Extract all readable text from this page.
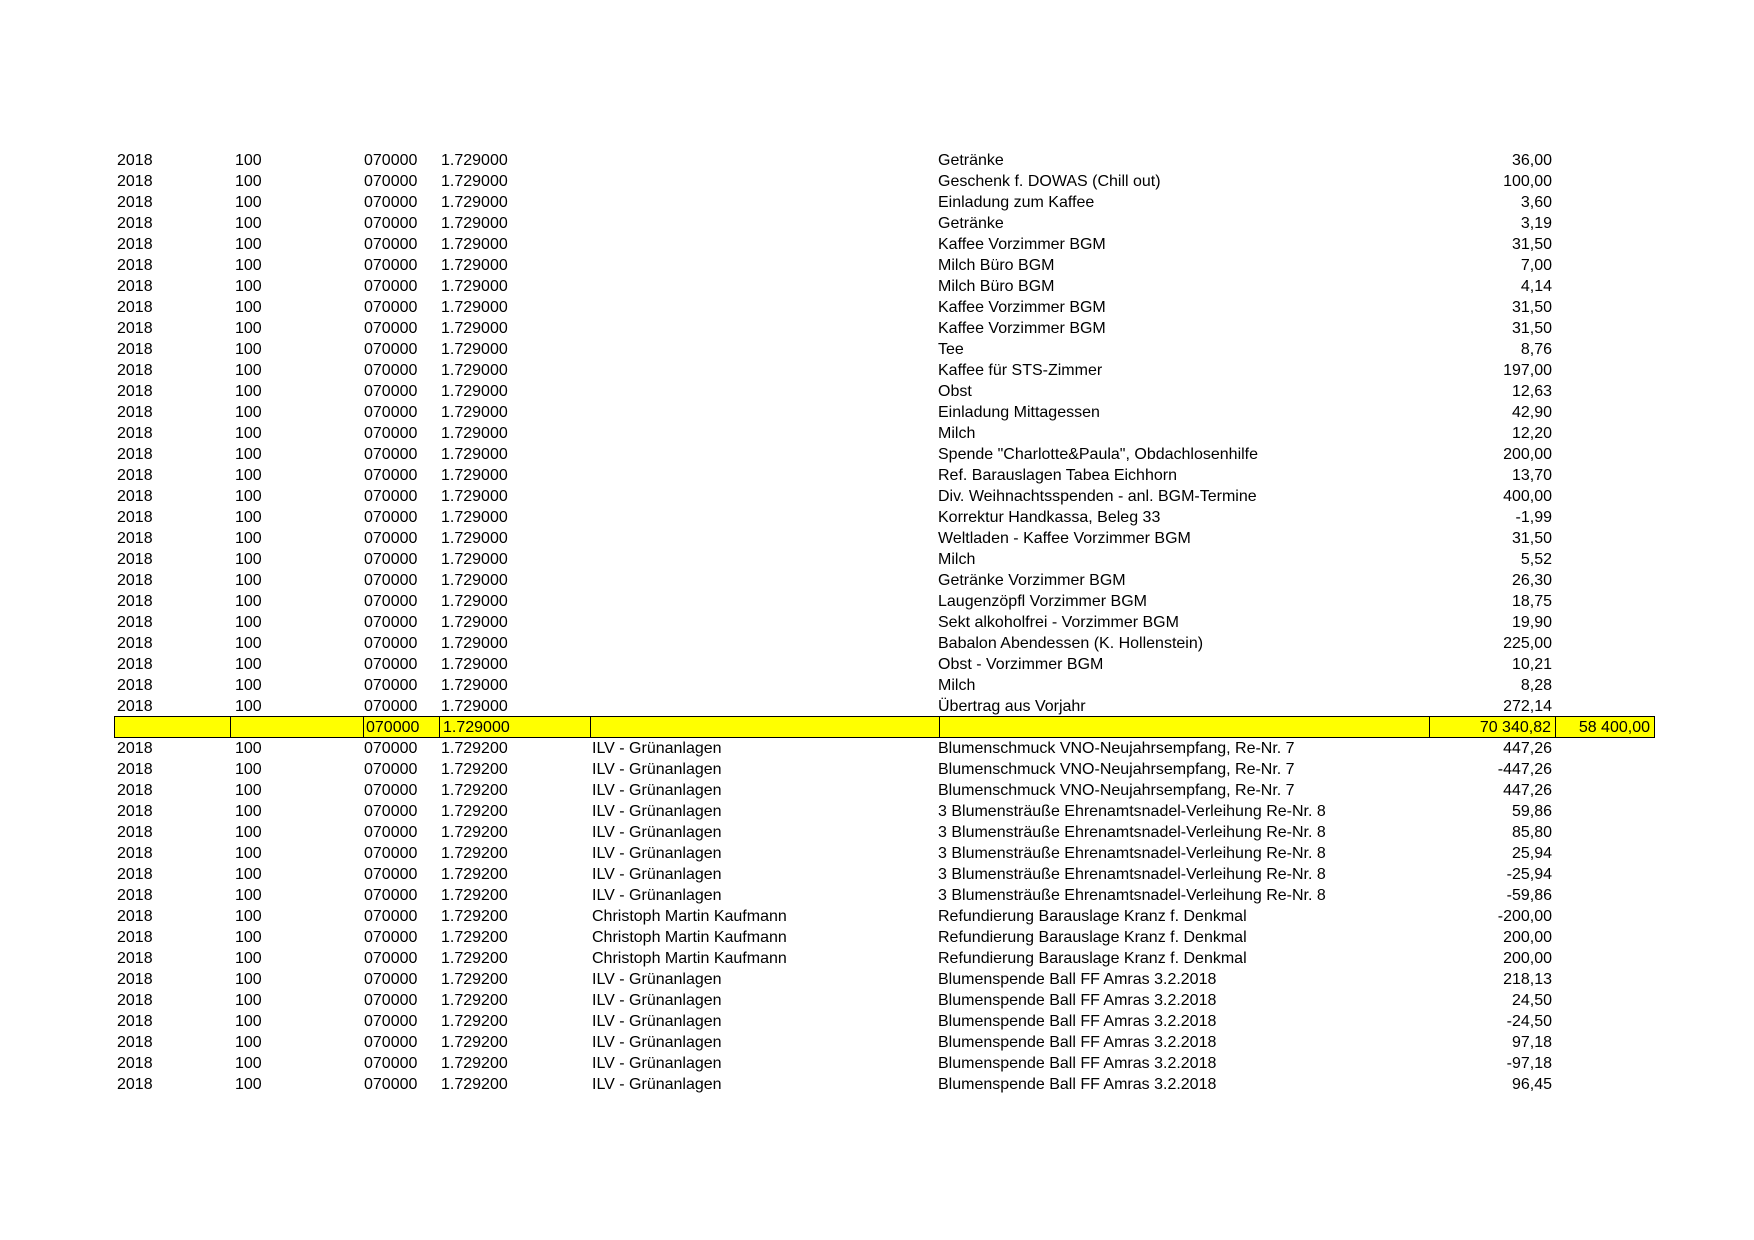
2018	100	070000 1.729000	Getränke	36,00
2018	100	070000 1.729000	Geschenk f. DOWAS (Chill out)	100,00
2018	100	070000 1.729000	Einladung zum Kaffee	3,60
2018	100	070000 1.729000	Getränke	3,19
2018	100	070000 1.729000	Kaffee Vorzimmer BGM	31,50
2018	100	070000 1.729000	Milch Büro BGM	7,00
2018	100	070000 1.729000	Milch Büro BGM	4,14
2018	100	070000 1.729000	Kaffee Vorzimmer BGM	31,50
2018	100	070000 1.729000	Kaffee Vorzimmer BGM	31,50
2018	100	070000 1.729000	Tee	8,76
2018	100	070000 1.729000	Kaffee für STS-Zimmer	197,00
2018	100	070000 1.729000	Obst	12,63
2018	100	070000 1.729000	Einladung Mittagessen	42,90
2018	100	070000 1.729000	Milch	12,20
2018	100	070000 1.729000	Spende "Charlotte&Paula", Obdachlosenhilfe	200,00
2018	100	070000 1.729000	Ref. Barauslagen Tabea Eichhorn	13,70
2018	100	070000 1.729000	Div. Weihnachtsspenden - anl. BGM-Termine	400,00
2018	100	070000 1.729000	Korrektur Handkassa, Beleg 33	-1,99
2018	100	070000 1.729000	Weltladen - Kaffee Vorzimmer BGM	31,50
2018	100	070000 1.729000	Milch	5,52
2018	100	070000 1.729000	Getränke Vorzimmer BGM	26,30
2018	100	070000 1.729000	Laugenzöpfl Vorzimmer BGM	18,75
2018	100	070000 1.729000	Sekt alkoholfrei - Vorzimmer BGM	19,90
2018	100	070000 1.729000	Babalon Abendessen (K. Hollenstein)	225,00
2018	100	070000 1.729000	Obst - Vorzimmer BGM	10,21
2018	100	070000 1.729000	Milch	8,28
2018	100	070000 1.729000	Übertrag aus Vorjahr	272,14
070000	1.729000	70 340,82	58 400,00
2018	100	070000 1.729200	ILV - Grünanlagen	Blumenschmuck VNO-Neujahrsempfang, Re-Nr. 7	447,26
2018	100	070000 1.729200	ILV - Grünanlagen	Blumenschmuck VNO-Neujahrsempfang, Re-Nr. 7	-447,26
2018	100	070000 1.729200	ILV - Grünanlagen	Blumenschmuck VNO-Neujahrsempfang, Re-Nr. 7	447,26
2018	100	070000 1.729200	ILV - Grünanlagen	3 Blumensträuße Ehrenamtsnadel-Verleihung Re-Nr. 8	59,86
2018	100	070000 1.729200	ILV - Grünanlagen	3 Blumensträuße Ehrenamtsnadel-Verleihung Re-Nr. 8	85,80
2018	100	070000 1.729200	ILV - Grünanlagen	3 Blumensträuße Ehrenamtsnadel-Verleihung Re-Nr. 8	25,94
2018	100	070000 1.729200	ILV - Grünanlagen	3 Blumensträuße Ehrenamtsnadel-Verleihung Re-Nr. 8	-25,94
2018	100	070000 1.729200	ILV - Grünanlagen	3 Blumensträuße Ehrenamtsnadel-Verleihung Re-Nr. 8	-59,86
2018	100	070000 1.729200	Christoph Martin Kaufmann	Refundierung Barauslage Kranz f. Denkmal	-200,00
2018	100	070000 1.729200	Christoph Martin Kaufmann	Refundierung Barauslage Kranz f. Denkmal	200,00
2018	100	070000 1.729200	Christoph Martin Kaufmann	Refundierung Barauslage Kranz f. Denkmal	200,00
2018	100	070000 1.729200	ILV - Grünanlagen	Blumenspende Ball FF Amras 3.2.2018	218,13
2018	100	070000 1.729200	ILV - Grünanlagen	Blumenspende Ball FF Amras 3.2.2018	24,50
2018	100	070000 1.729200	ILV - Grünanlagen	Blumenspende Ball FF Amras 3.2.2018	-24,50
2018	100	070000 1.729200	ILV - Grünanlagen	Blumenspende Ball FF Amras 3.2.2018	97,18
2018	100	070000 1.729200	ILV - Grünanlagen	Blumenspende Ball FF Amras 3.2.2018	-97,18
2018	100	070000 1.729200	ILV - Grünanlagen	Blumenspende Ball FF Amras 3.2.2018	96,45
